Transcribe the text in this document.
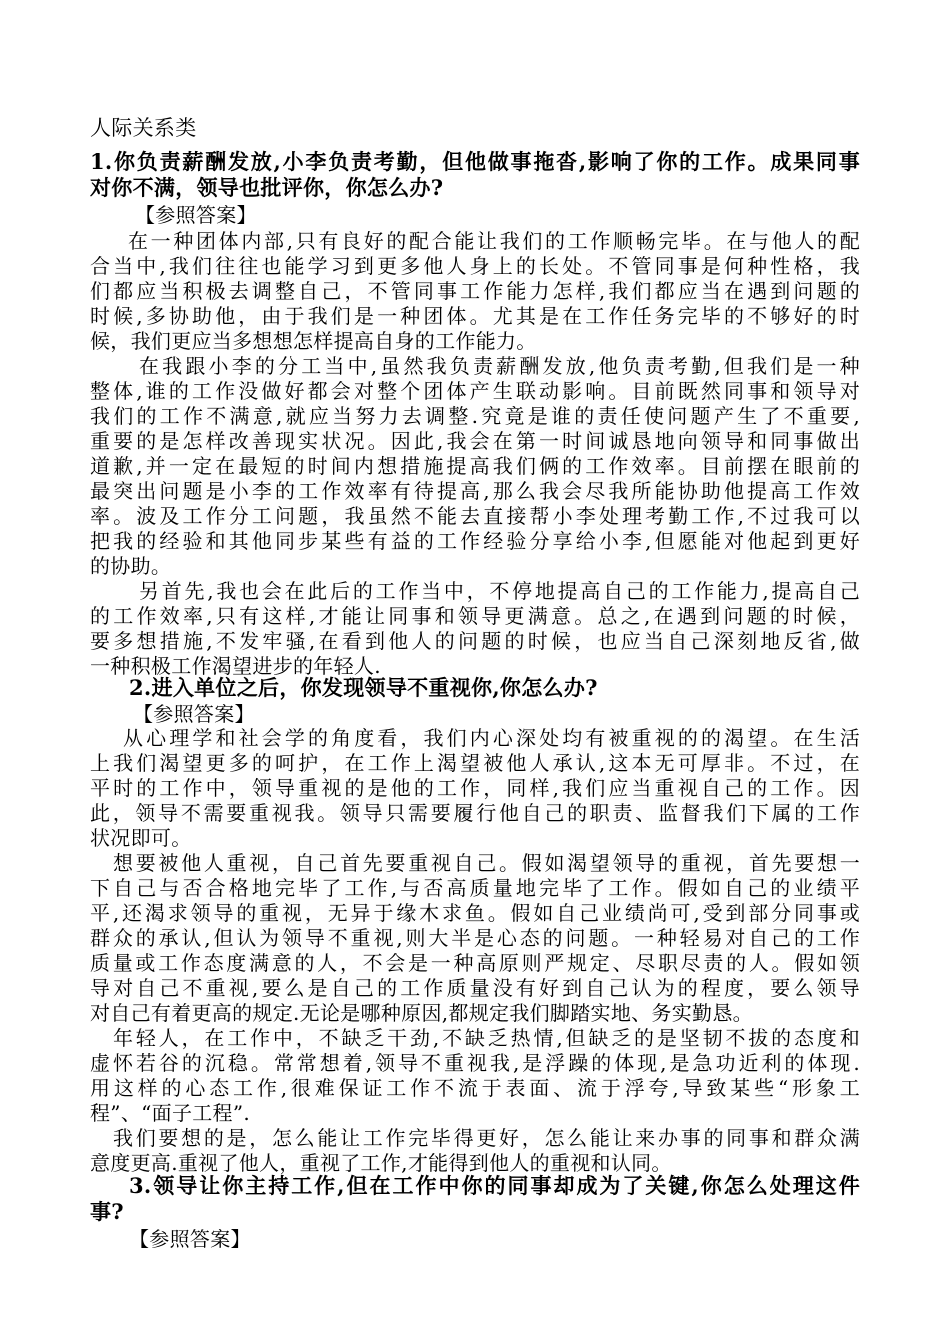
人际关系类
1.你负责薪酬发放,小李负责考勤，但他做事拖沓,影响了你的工作。成果同事
对你不满，领导也批评你，你怎么办?
【参照答案】
在一种团体内部,只有良好的配合能让我们的工作顺畅完毕。在与他人的配
合当中,我们往往也能学习到更多他人身上的长处。不管同事是何种性格，我
们都应当积极去调整自己，不管同事工作能力怎样,我们都应当在遇到问题的
时候,多协助他，由于我们是一种团体。尤其是在工作任务完毕的不够好的时
候，我们更应当多想想怎样提高自身的工作能力。
在我跟小李的分工当中,虽然我负责薪酬发放,他负责考勤,但我们是一种
整体,谁的工作没做好都会对整个团体产生联动影响。目前既然同事和领导对
我们的工作不满意,就应当努力去调整.究竟是谁的责任使问题产生了不重要,
重要的是怎样改善现实状况。因此,我会在第一时间诚恳地向领导和同事做出
道歉,并一定在最短的时间内想措施提高我们俩的工作效率。目前摆在眼前的
最突出问题是小李的工作效率有待提高,那么我会尽我所能协助他提高工作效
率。波及工作分工问题，我虽然不能去直接帮小李处理考勤工作,不过我可以
把我的经验和其他同步某些有益的工作经验分享给小李,但愿能对他起到更好
的协助。
另首先,我也会在此后的工作当中，不停地提高自己的工作能力,提高自己
的工作效率,只有这样,才能让同事和领导更满意。总之,在遇到问题的时候，
要多想措施,不发牢骚,在看到他人的问题的时候，也应当自己深刻地反省,做
一种积极工作渴望进步的年轻人.
2.进入单位之后，你发现领导不重视你,你怎么办?
【参照答案】
从心理学和社会学的角度看，我们内心深处均有被重视的的渴望。在生活
上我们渴望更多的呵护，在工作上渴望被他人承认,这本无可厚非。不过，在
平时的工作中，领导重视的是他的工作，同样,我们应当重视自己的工作。因
此，领导不需要重视我。领导只需要履行他自己的职责、监督我们下属的工作
状况即可。
想要被他人重视，自己首先要重视自己。假如渴望领导的重视，首先要想一
下自己与否合格地完毕了工作,与否高质量地完毕了工作。假如自己的业绩平
平,还渴求领导的重视，无异于缘木求鱼。假如自己业绩尚可,受到部分同事或
群众的承认,但认为领导不重视,则大半是心态的问题。一种轻易对自己的工作
质量或工作态度满意的人，不会是一种高原则严规定、尽职尽责的人。假如领
导对自己不重视,要么是自己的工作质量没有好到自己认为的程度，要么领导
对自己有着更高的规定.无论是哪种原因,都规定我们脚踏实地、务实勤恳。
年轻人，在工作中，不缺乏干劲,不缺乏热情,但缺乏的是坚韧不拔的态度和
虚怀若谷的沉稳。常常想着,领导不重视我,是浮躁的体现,是急功近利的体现.
用这样的心态工作,很难保证工作不流于表面、流于浮夸,导致某些“形象工
程”、“面子工程”.
我们要想的是，怎么能让工作完毕得更好，怎么能让来办事的同事和群众满
意度更高.重视了他人，重视了工作,才能得到他人的重视和认同。
3.领导让你主持工作,但在工作中你的同事却成为了关键,你怎么处理这件
事?
【参照答案】
